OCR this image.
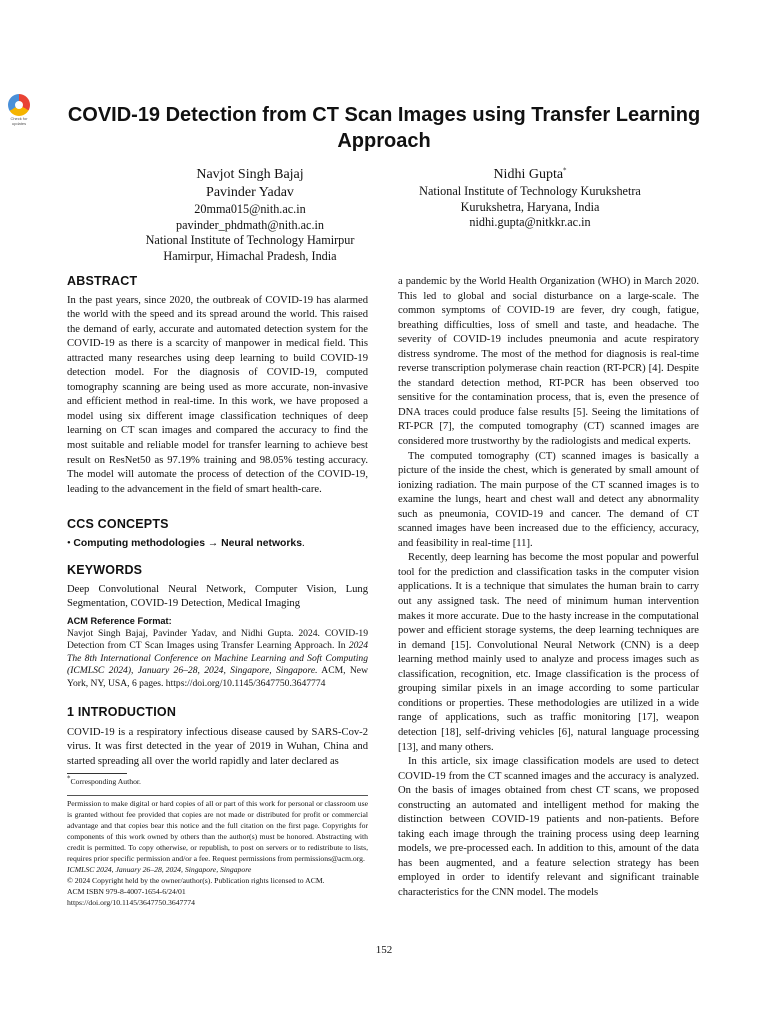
Check for
updates	COVID-19 Detection from CT Scan Images using Transfer Learning Approach
Navjot Singh Bajaj
Pavinder Yadav
20mma015@nith.ac.in
pavinder_phdmath@nith.ac.in
National Institute of Technology Hamirpur
Hamirpur, Himachal Pradesh, India
Nidhi Gupta*
National Institute of Technology Kurukshetra
Kurukshetra, Haryana, India
nidhi.gupta@nitkkr.ac.in
ABSTRACT

In the past years, since 2020, the outbreak of COVID-19 has alarmed the world with the speed and its spread around the world. This raised the demand of early, accurate and automated detection system for the COVID-19 as there is a scarcity of manpower in medical field. This attracted many researches using deep learning to build COVID-19 detection model. For the diagnosis of COVID-19, computed tomography scanning are being used as more accurate, non-invasive and efficient method in real-time. In this work, we have proposed a model using six different image classification techniques of deep learning on CT scan images and compared the accuracy to find the most suitable and reliable model for transfer learning to achieve best result on ResNet50 as 97.19% training and 98.05% testing accuracy. The model will automate the process of detection of the COVID-19, leading to the advancement in the field of smart health-care.

CCS CONCEPTS

• Computing methodologies → Neural networks.

KEYWORDS

Deep Convolutional Neural Network, Computer Vision, Lung Segmentation, COVID-19 Detection, Medical Imaging

ACM Reference Format:

Navjot Singh Bajaj, Pavinder Yadav, and Nidhi Gupta. 2024. COVID-19 Detection from CT Scan Images using Transfer Learning Approach. In 2024 The 8th International Conference on Machine Learning and Soft Computing (ICMLSC 2024), January 26–28, 2024, Singapore, Singapore. ACM, New York, NY, USA, 6 pages. https://doi.org/10.1145/3647750.3647774

1 INTRODUCTION

COVID-19 is a respiratory infectious disease caused by SARS-Cov-2 virus. It was first detected in the year of 2019 in Wuhan, China and started spreading all over the world rapidly and later declared as

*Corresponding Author.

Permission to make digital or hard copies of all or part of this work for personal or classroom use is granted without fee provided that copies are not made or distributed for profit or commercial advantage and that copies bear this notice and the full citation on the first page. Copyrights for components of this work owned by others than the author(s) must be honored. Abstracting with credit is permitted. To copy otherwise, or republish, to post on servers or to redistribute to lists, requires prior specific permission and/or a fee. Request permissions from permissions@acm.org.

ICMLSC 2024, January 26–28, 2024, Singapore, Singapore
© 2024 Copyright held by the owner/author(s). Publication rights licensed to ACM.
ACM ISBN 979-8-4007-1654-6/24/01
https://doi.org/10.1145/3647750.3647774

a pandemic by the World Health Organization (WHO) in March 2020. This led to global and social disturbance on a large-scale. The common symptoms of COVID-19 are fever, dry cough, fatigue, breathing difficulties, loss of smell and taste, and headache. The severity of COVID-19 includes pneumonia and acute respiratory distress syndrome. The most of the method for diagnosis is real-time reverse transcription polymerase chain reaction (RT-PCR) [4]. Despite the standard detection method, RT-PCR has been observed too sensitive for the contamination process, that is, even the presence of DNA traces could produce false results [5]. Seeing the limitations of RT-PCR [7], the computed tomography (CT) scanned images are considered more trustworthy by the radiologists and medical experts.

The computed tomography (CT) scanned images is basically a picture of the inside the chest, which is generated by small amount of ionizing radiation. The main purpose of the CT scanned images is to examine the lungs, heart and chest wall and detect any abnormality such as pneumonia, COVID-19 and cancer. The demand of CT scanned images have been increased due to the efficiency, accuracy, and feasibility in real-time [11].

Recently, deep learning has become the most popular and powerful tool for the prediction and classification tasks in the computer vision applications. It is a technique that simulates the human brain to carry out any assigned task. The need of minimum human intervention makes it more accurate. Due to the hasty increase in the computational power and efficient storage systems, the deep learning techniques are in demand [15]. Convolutional Neural Network (CNN) is a deep learning method mainly used to analyze and process images such as classification, recognition, etc. Image classification is the process of grouping similar pixels in an image according to some particular conditions or properties. These methodologies are utilized in a wide range of applications, such as traffic monitoring [17], weapon detection [18], self-driving vehicles [6], natural language processing [13], and many others.

In this article, six image classification models are used to detect COVID-19 from the CT scanned images and the accuracy is analyzed. On the basis of images obtained from chest CT scans, we proposed constructing an automated and intelligent method for making the distinction between COVID-19 patients and non-patients. Before taking each image through the training process using deep learning models, we pre-processed each. In addition to this, amount of the data has been augmented, and a feature selection strategy has been employed in order to identify relevant and significant trainable characteristics for the CNN model. The models

152
